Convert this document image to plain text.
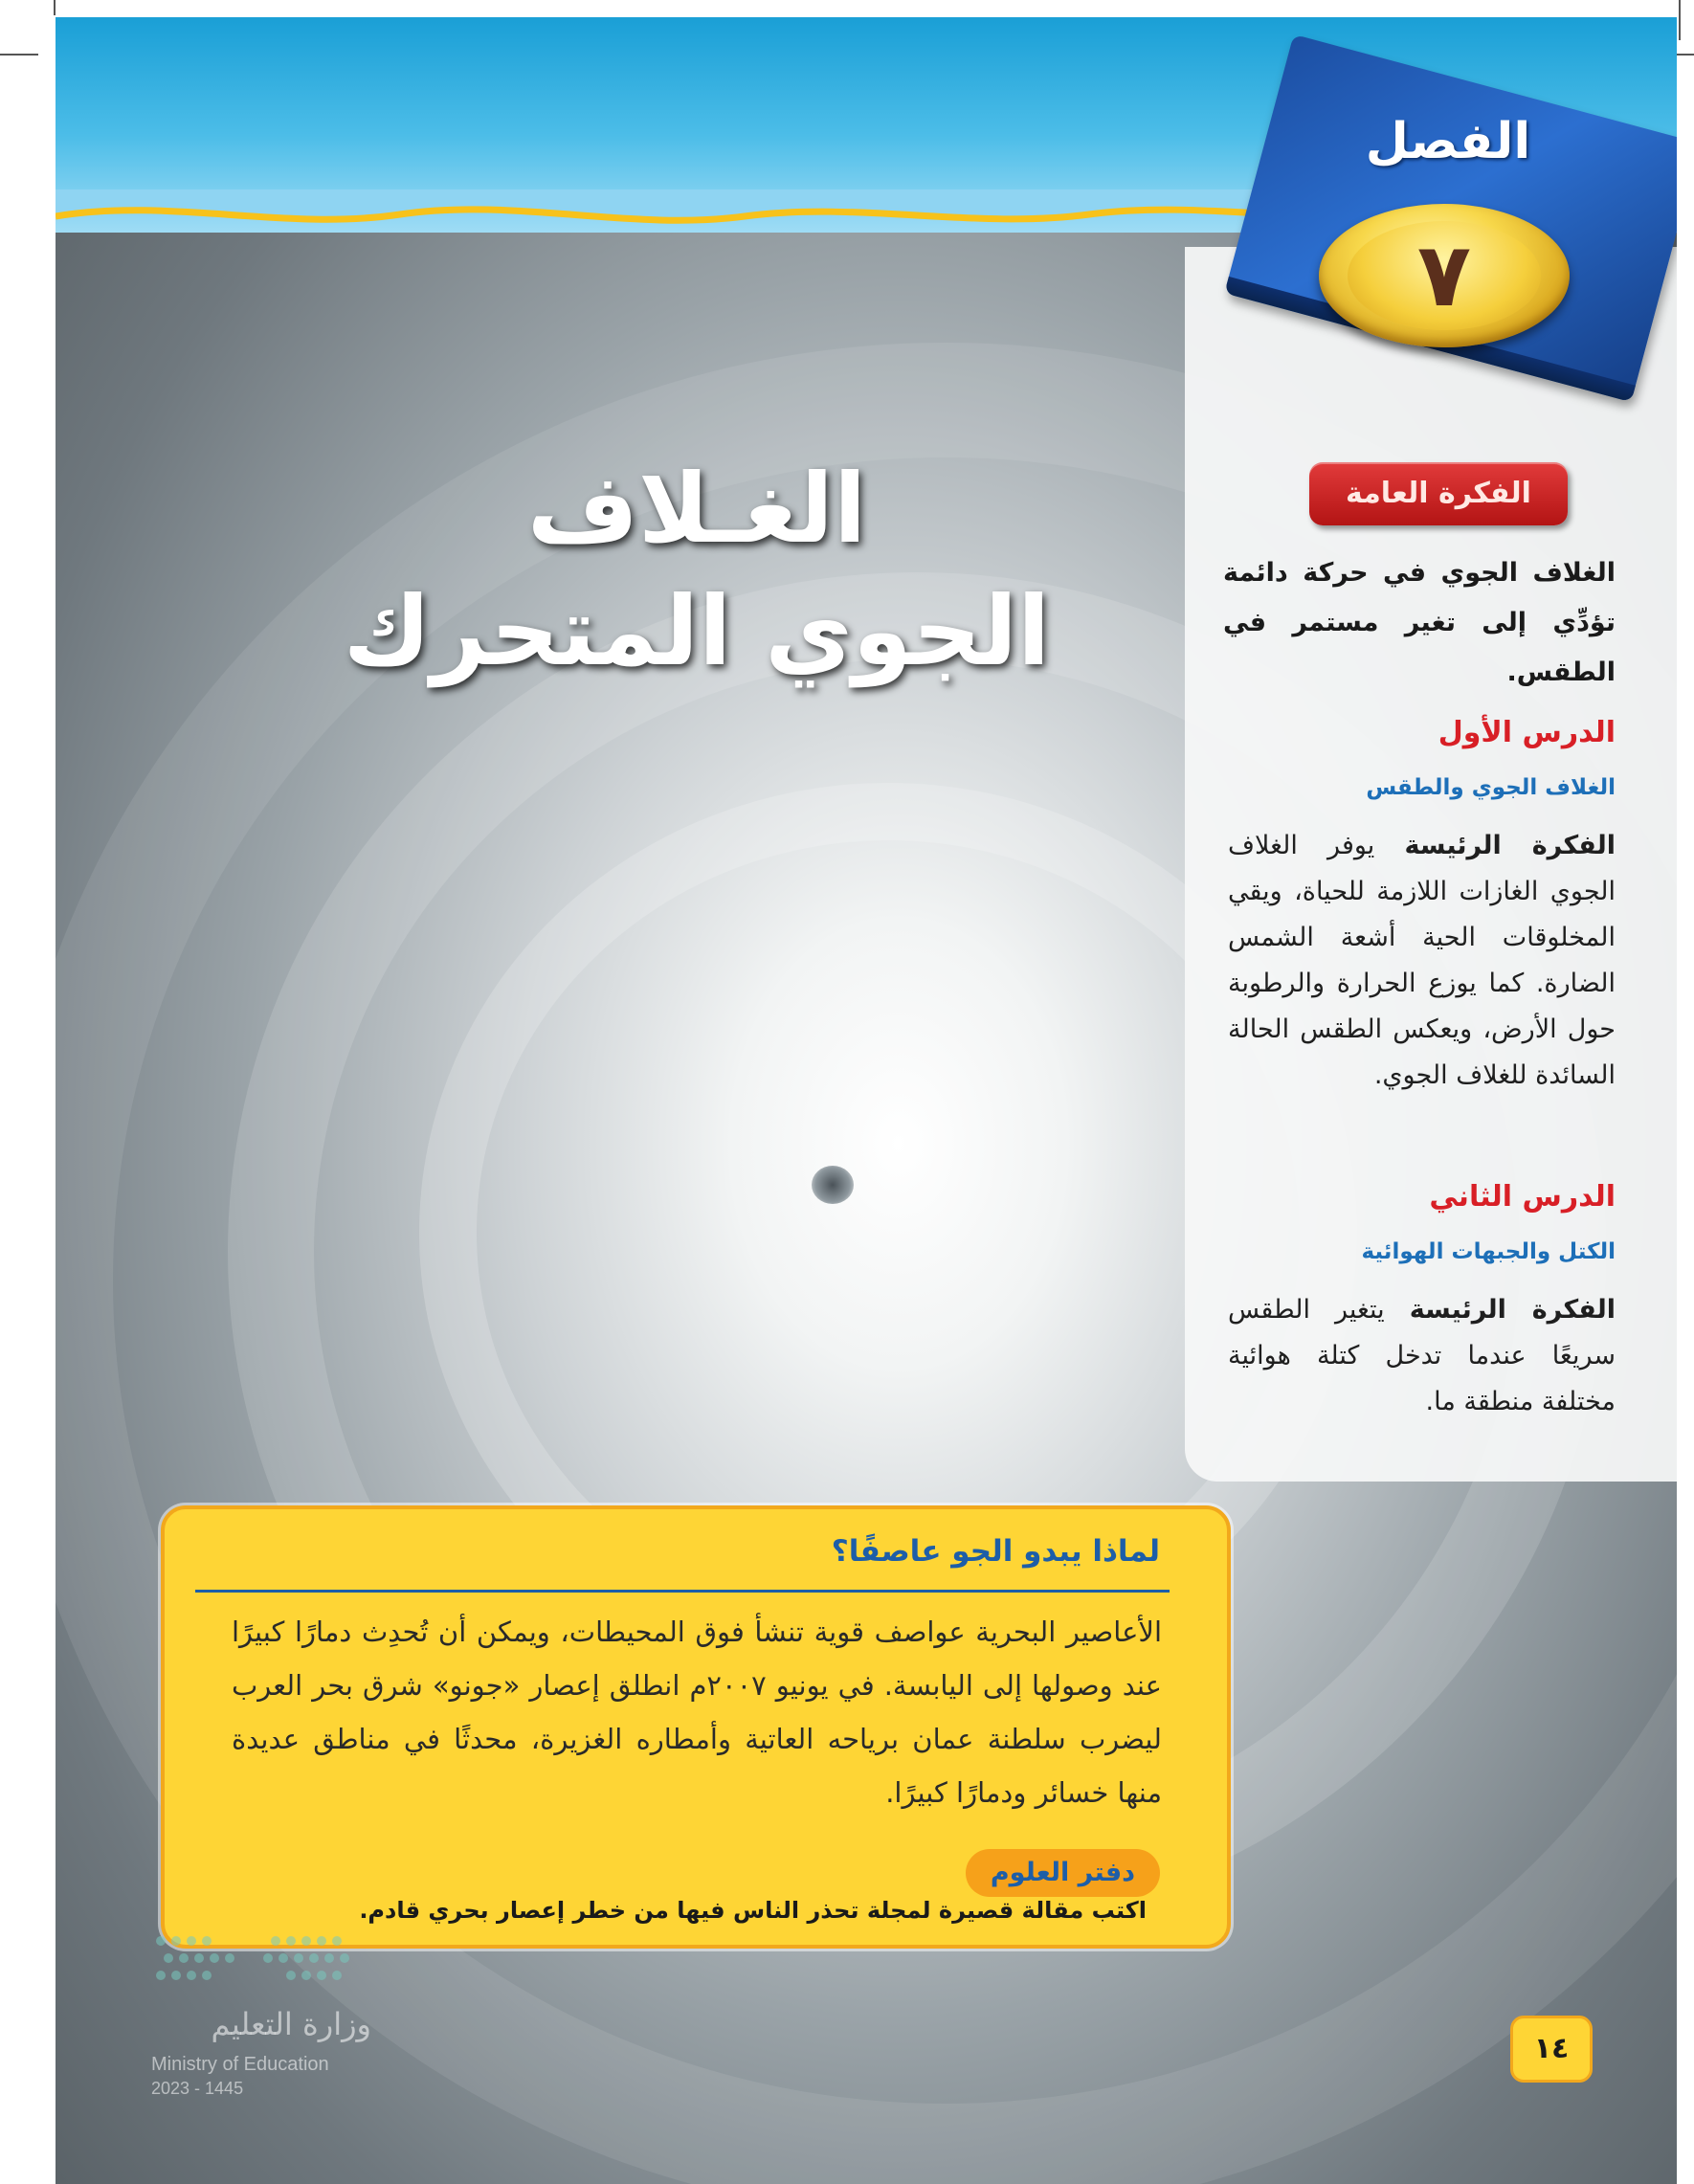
الفصل
٧
الغـلاف
الجوي المتحرك
الفكرة العامة
الغلاف الجوي في حركة دائمة تؤدِّي إلى تغير مستمر في الطقس.
الدرس الأول
الغلاف الجوي والطقس
الفكرة الرئيسة يوفر الغلاف الجوي الغازات اللازمة للحياة، ويقي المخلوقات الحية أشعة الشمس الضارة. كما يوزع الحرارة والرطوبة حول الأرض، ويعكس الطقس الحالة السائدة للغلاف الجوي.
الدرس الثاني
الكتل والجبهات الهوائية
الفكرة الرئيسة يتغير الطقس سريعًا عندما تدخل كتلة هوائية مختلفة منطقة ما.
لماذا يبدو الجو عاصفًا؟
الأعاصير البحرية عواصف قوية تنشأ فوق المحيطات، ويمكن أن تُحدِث دمارًا كبيرًا عند وصولها إلى اليابسة. في يونيو ٢٠٠٧م انطلق إعصار «جونو» شرق بحر العرب ليضرب سلطنة عمان برياحه العاتية وأمطاره الغزيرة، محدثًا في مناطق عديدة منها خسائر ودمارًا كبيرًا.
دفتر العلوم اكتب مقالة قصيرة لمجلة تحذر الناس فيها من خطر إعصار بحري قادم.
١٤
وزارة التعليم
Ministry of Education
2023 - 1445
